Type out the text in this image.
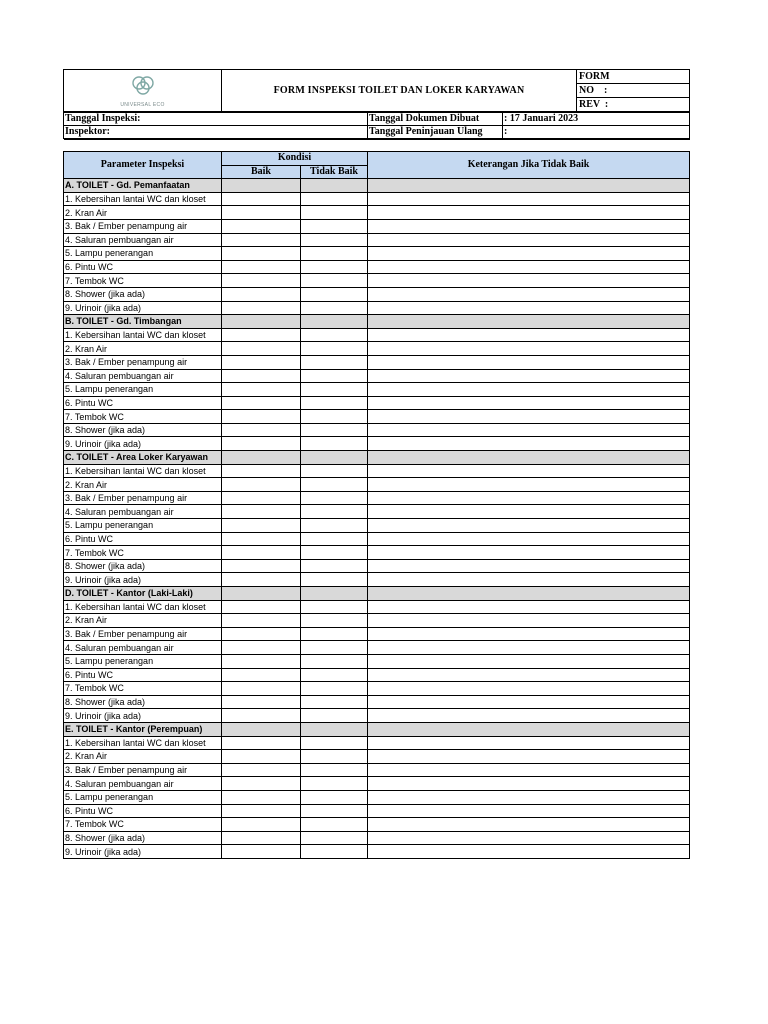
UNIVERSAL ECO
	FORM INSPEKSI TOILET DAN LOKER KARYAWAN	FORM
NO    :
REV  :
Tanggal Inspeksi:	Tanggal Dokumen Dibuat	: 17 Januari 2023
Inspektor:	Tanggal Peninjauan Ulang	:

Parameter Inspeksi	Kondisi		Keterangan Jika Tidak Baik
	Baik	Tidak Baik	
A. TOILET - Gd. Pemanfaatan			
1. Kebersihan lantai WC dan kloset			
2. Kran Air			
3. Bak / Ember penampung air			
4. Saluran pembuangan air			
5. Lampu penerangan			
6. Pintu WC			
7. Tembok WC			
8. Shower (jika ada)			
9. Urinoir (jika ada)			
B. TOILET - Gd. Timbangan			
1. Kebersihan lantai WC dan kloset			
2. Kran Air			
3. Bak / Ember penampung air			
4. Saluran pembuangan air			
5. Lampu penerangan			
6. Pintu WC			
7. Tembok WC			
8. Shower (jika ada)			
9. Urinoir (jika ada)			
C. TOILET - Area Loker Karyawan			
1. Kebersihan lantai WC dan kloset			
2. Kran Air			
3. Bak / Ember penampung air			
4. Saluran pembuangan air			
5. Lampu penerangan			
6. Pintu WC			
7. Tembok WC			
8. Shower (jika ada)			
9. Urinoir (jika ada)			
D. TOILET - Kantor (Laki-Laki)			
1. Kebersihan lantai WC dan kloset			
2. Kran Air			
3. Bak / Ember penampung air			
4. Saluran pembuangan air			
5. Lampu penerangan			
6. Pintu WC			
7. Tembok WC			
8. Shower (jika ada)			
9. Urinoir (jika ada)			
E. TOILET - Kantor (Perempuan)			
1. Kebersihan lantai WC dan kloset			
2. Kran Air			
3. Bak / Ember penampung air			
4. Saluran pembuangan air			
5. Lampu penerangan			
6. Pintu WC			
7. Tembok WC			
8. Shower (jika ada)			
9. Urinoir (jika ada)			
